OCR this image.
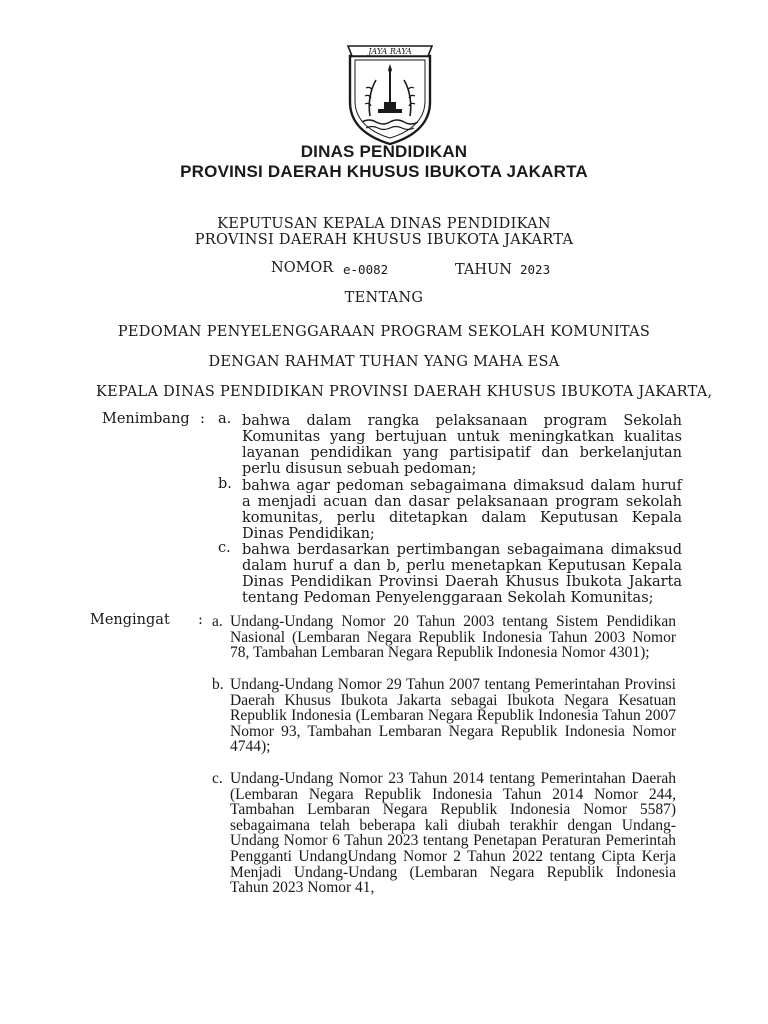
JAYA RAYA
DINAS PENDIDIKAN
PROVINSI DAERAH KHUSUS IBUKOTA JAKARTA
KEPUTUSAN KEPALA DINAS PENDIDIKAN
PROVINSI DAERAH KHUSUS IBUKOTA JAKARTA
NOMOR e-0082	TAHUN 2023
TENTANG
PEDOMAN PENYELENGGARAAN PROGRAM SEKOLAH KOMUNITAS
DENGAN RAHMAT TUHAN YANG MAHA ESA
KEPALA DINAS PENDIDIKAN PROVINSI DAERAH KHUSUS IBUKOTA JAKARTA,
Menimbang : a. bahwa dalam rangka pelaksanaan program Sekolah Komunitas yang bertujuan untuk meningkatkan kualitas layanan pendidikan yang partisipatif dan berkelanjutan perlu disusun sebuah pedoman;
b. bahwa agar pedoman sebagaimana dimaksud dalam huruf a menjadi acuan dan dasar pelaksanaan program sekolah komunitas, perlu ditetapkan dalam Keputusan Kepala Dinas Pendidikan;
c. bahwa berdasarkan pertimbangan sebagaimana dimaksud dalam huruf a dan b, perlu menetapkan Keputusan Kepala Dinas Pendidikan Provinsi Daerah Khusus Ibukota Jakarta tentang Pedoman Penyelenggaraan Sekolah Komunitas;
Mengingat : a. Undang-Undang Nomor 20 Tahun 2003 tentang Sistem Pendidikan Nasional (Lembaran Negara Republik Indonesia Tahun 2003 Nomor 78, Tambahan Lembaran Negara Republik Indonesia Nomor 4301);
b. Undang-Undang Nomor 29 Tahun 2007 tentang Pemerintahan Provinsi Daerah Khusus Ibukota Jakarta sebagai Ibukota Negara Kesatuan Republik Indonesia (Lembaran Negara Republik Indonesia Tahun 2007 Nomor 93, Tambahan Lembaran Negara Republik Indonesia Nomor 4744);
c. Undang-Undang Nomor 23 Tahun 2014 tentang Pemerintahan Daerah (Lembaran Negara Republik Indonesia Tahun 2014 Nomor 244, Tambahan Lembaran Negara Republik Indonesia Nomor 5587) sebagaimana telah beberapa kali diubah terakhir dengan Undang-Undang Nomor 6 Tahun 2023 tentang Penetapan Peraturan Pemerintah Pengganti UndangUndang Nomor 2 Tahun 2022 tentang Cipta Kerja Menjadi Undang-Undang (Lembaran Negara Republik Indonesia Tahun 2023 Nomor 41,
